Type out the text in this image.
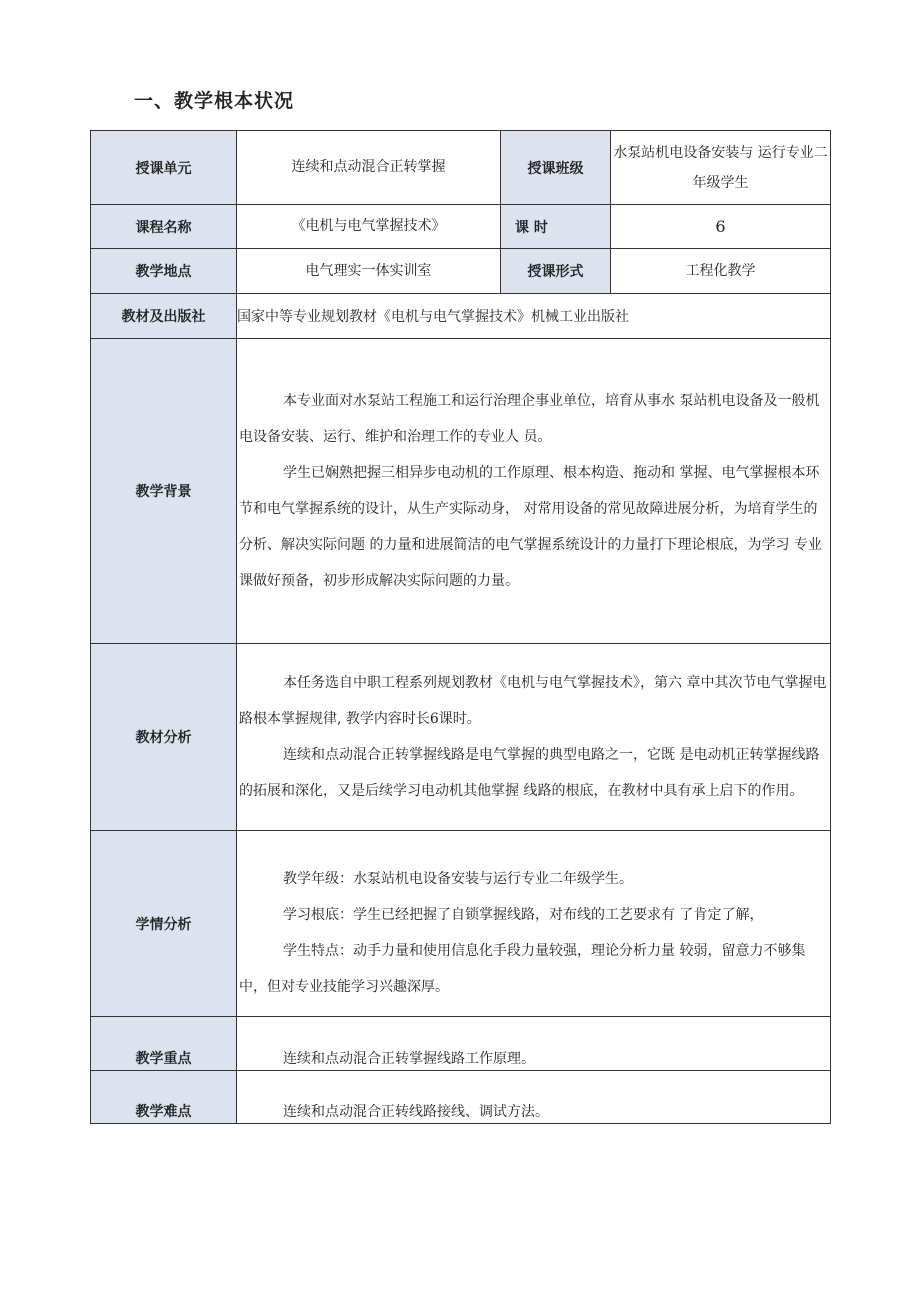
一、教学根本状况
授课单元	连续和点动混合正转掌握	授课班级	水泵站机电设备安装与 运行专业二年级学生
课程名称	《电机与电气掌握技术》	课 时	6
教学地点	电气理实一体实训室	授课形式	工程化教学
教材及出版社	国家中等专业规划教材《电机与电气掌握技术》机械工业出版社		
教学背景	本专业面对水泵站工程施工和运行治理企事业单位，培育从事水 泵站机电设备及一般机电设备安装、运行、维护和治理工作的专业人 员。
学生已娴熟把握三相异步电动机的工作原理、根本构造、拖动和 掌握、电气掌握根本环节和电气掌握系统的设计，从生产实际动身， 对常用设备的常见故障进展分析，为培育学生的分析、解决实际问题 的力量和进展简洁的电气掌握系统设计的力量打下理论根底，为学习 专业课做好预备，初步形成解决实际问题的力量。		

教材分析	本任务选自中职工程系列规划教材《电机与电气掌握技术》，第六 章中其次节电气掌握电路根本掌握规律, 教学内容时长6课时。
连续和点动混合正转掌握线路是电气掌握的典型电路之一，它既 是电动机正转掌握线路的拓展和深化，又是后续学习电动机其他掌握 线路的根底，在教材中具有承上启下的作用。		

学情分析	教学年级：水泵站机电设备安装与运行专业二年级学生。
学习根底：学生已经把握了自锁掌握线路，对布线的工艺要求有 了肯定了解，
学生特点：动手力量和使用信息化手段力量较强，理论分析力量 较弱，留意力不够集中，但对专业技能学习兴趣深厚。		

教学重点	连续和点动混合正转掌握线路工作原理。		
教学难点	连续和点动混合正转线路接线、调试方法。		
